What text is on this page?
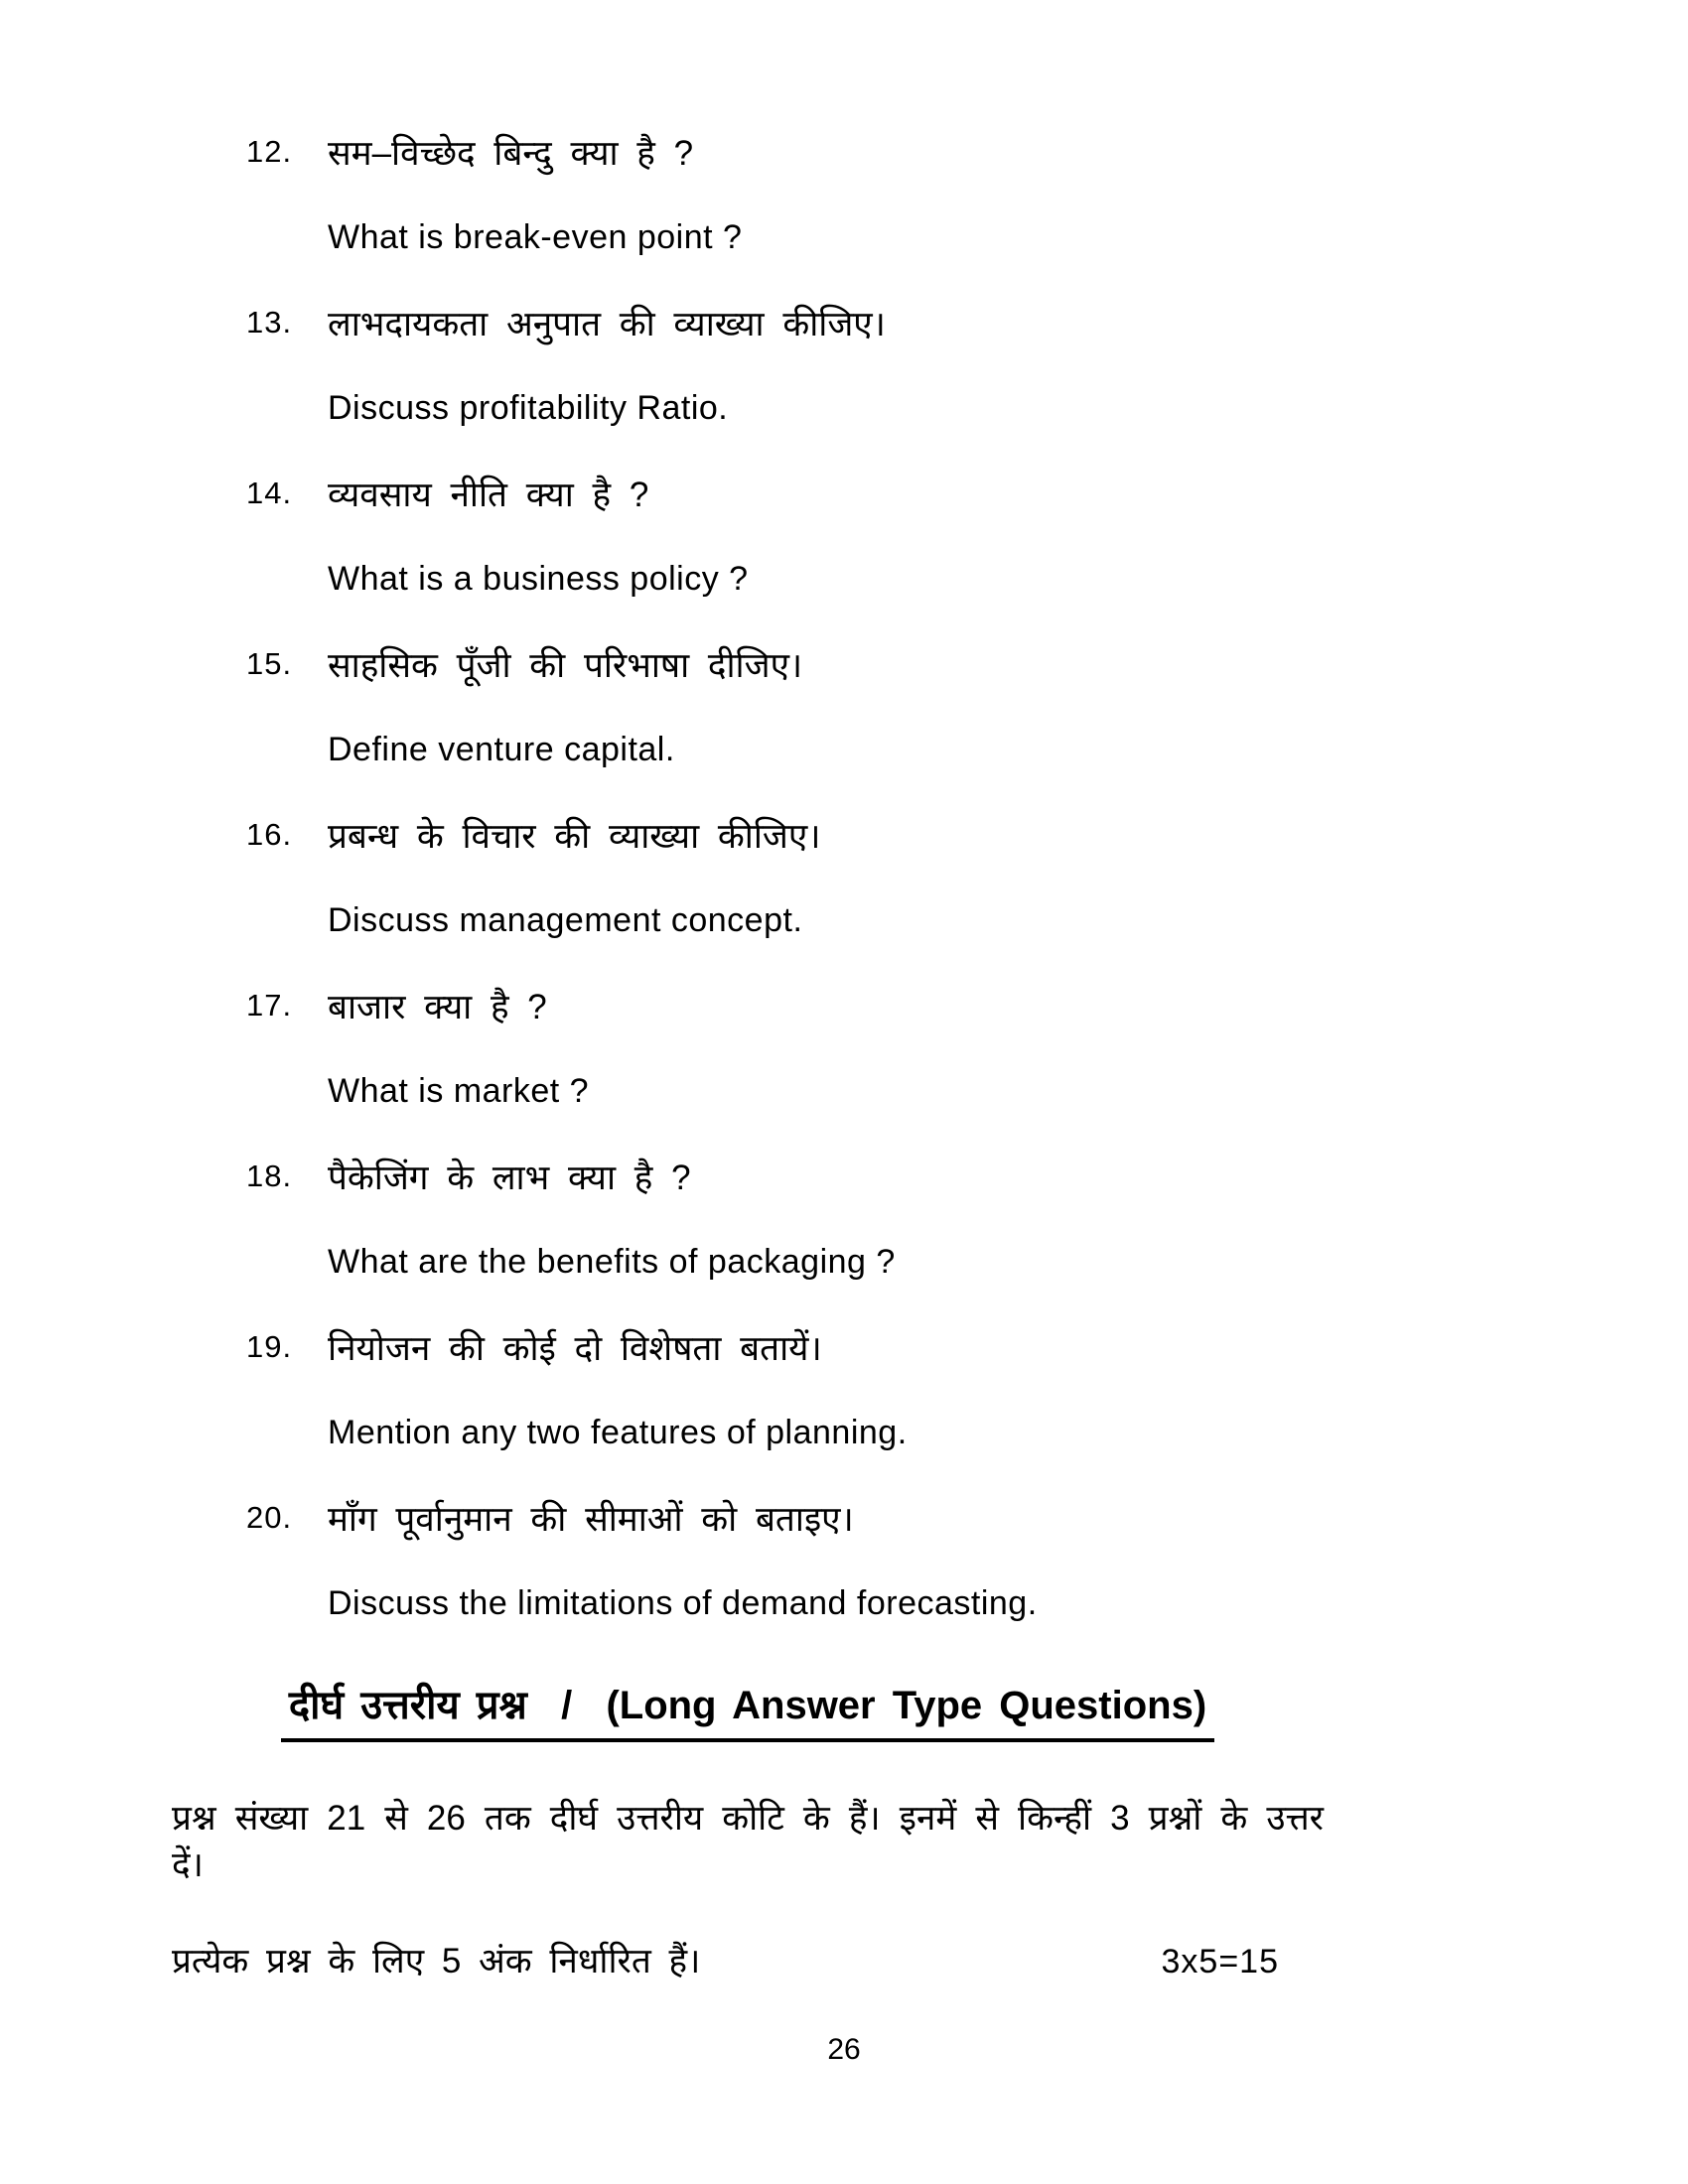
12.	सम–विच्छेद बिन्दु क्या है ?
What is break-even point ?
13.	लाभदायकता अनुपात की व्याख्या कीजिए।
Discuss profitability Ratio.
14.	व्यवसाय नीति क्या है ?
What is a business policy ?
15.	साहसिक पूँजी की परिभाषा दीजिए।
Define venture capital.
16.	प्रबन्ध के विचार की व्याख्या कीजिए।
Discuss management concept.
17.	बाजार क्या है ?
What is market ?
18.	पैकेजिंग के लाभ क्या है ?
What are the benefits of packaging ?
19.	नियोजन की कोई दो विशेषता बतायें।
Mention any two features of planning.
20.	माँग पूर्वानुमान की सीमाओं को बताइए।
Discuss the limitations of demand forecasting.
दीर्घ उत्तरीय प्रश्न / (Long Answer Type Questions)

प्रश्न संख्या 21 से 26 तक दीर्घ उत्तरीय कोटि के हैं। इनमें से किन्हीं 3 प्रश्नों के उत्तर दें।

प्रत्येक प्रश्न के लिए 5 अंक निर्धारित हैं।	3x5=15
26
